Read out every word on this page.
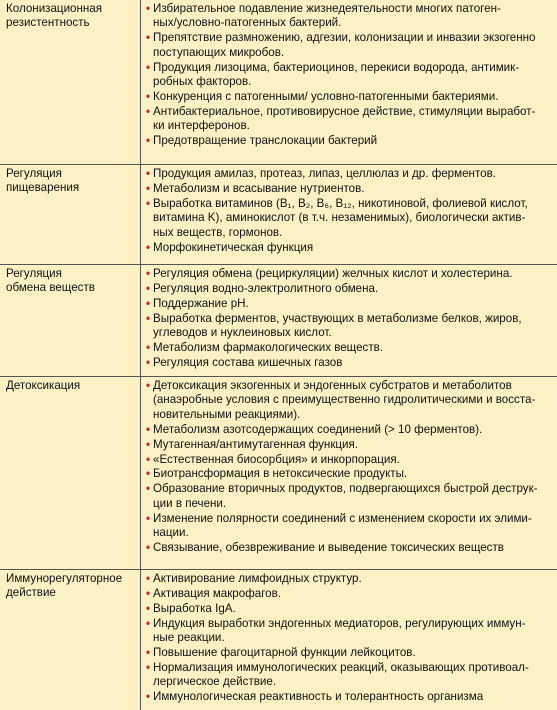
Колонизационная
резистентность
• Избирательное подавление жизнедеятельности многих патоген-
ных/условно-патогенных бактерий.
• Препятствие размножению, адгезии, колонизации и инвазии экзогенно
поступающих микробов.
• Продукция лизоцима, бактериоцинов, перекиси водорода, антимик-
робных факторов.
• Конкуренция с патогенными/ условно-патогенными бактериями.
• Антибактериальное, противовирусное действие, стимуляции выработ-
ки интерферонов.
• Предотвращение транслокации бактерий
Регуляция
пищеварения
• Продукция амилаз, протеаз, липаз, целлюлаз и др. ферментов.
• Метаболизм и всасывание нутриентов.
• Выработка витаминов (B₁, B₂, B₆, B₁₂, никотиновой, фолиевой кислот,
витамина K), аминокислот (в т.ч. незаменимых), биологически актив-
ных веществ, гормонов.
• Морфокинетическая функция
Регуляция
обмена веществ
• Регуляция обмена (рециркуляции) желчных кислот и холестерина.
• Регуляция водно-электролитного обмена.
• Поддержание pH.
• Выработка ферментов, участвующих в метаболизме белков, жиров,
углеводов и нуклеиновых кислот.
• Метаболизм фармакологических веществ.
• Регуляция состава кишечных газов
Детоксикация	• Детоксикация экзогенных и эндогенных субстратов и метаболитов
(анаэробные условия с преимущественно гидролитическими и восста-
новительными реакциями).
• Метаболизм азотсодержащих соединений (> 10 ферментов).
• Мутагенная/антимутагенная функция.
• «Естественная биосорбция» и инкорпорация.
• Биотрансформация в нетоксические продукты.
• Образование вторичных продуктов, подвергающихся быстрой деструк-
ции в печени.
• Изменение полярности соединений с изменением скорости их элими-
нации.
• Связывание, обезвреживание и выведение токсических веществ
Иммунорегуляторное
действие
• Активирование лимфоидных структур.
• Активация макрофагов.
• Выработка IgA.
• Индукция выработки эндогенных медиаторов, регулирующих иммун-
ные реакции.
• Повышение фагоцитарной функции лейкоцитов.
• Нормализация иммунологических реакций, оказывающих противоал-
лергическое действие.
• Иммунологическая реактивность и толерантность организма
